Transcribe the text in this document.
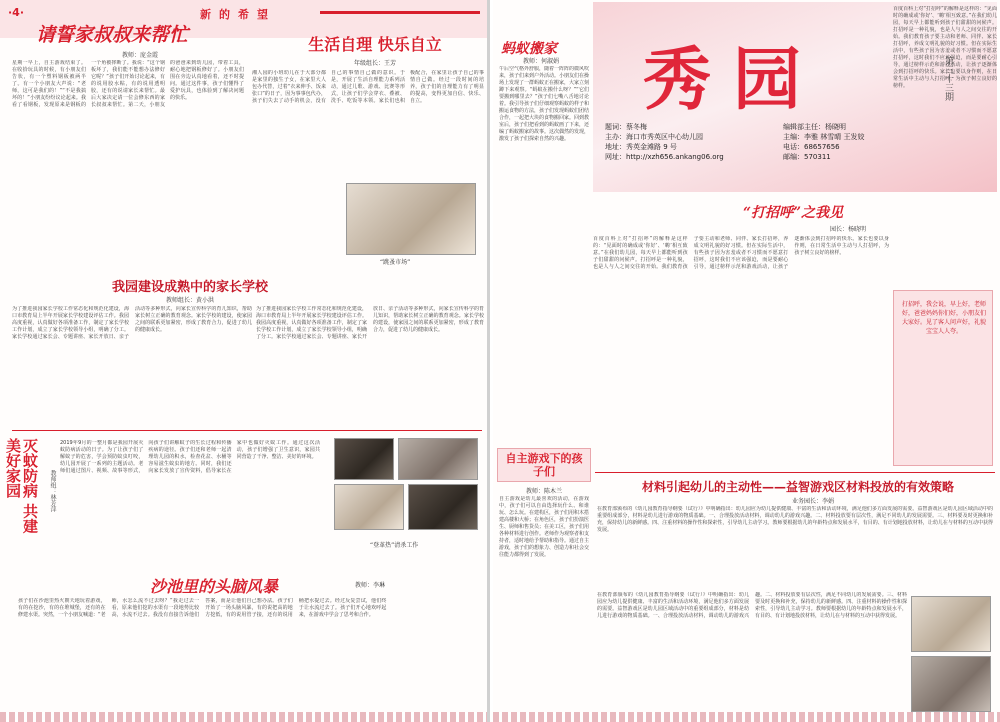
·4·	新的希望
请誓家叔叔来帮忙
教师：庞金霞
星期一早上，自主游戏结束了。在收拾玩具的时候，有小朋友们告状，有一个塑料钢板被两半了。有一个小朋友大声说：“老师，这可是我们的！”“不是我搞坏的！”小朋友纷纷议论起来。我看了看钢板，发现原来是钢板的一个角被摔断了。我说：“这个钢板坏了，我们能不能想办法修好它呢？”孩子们开始讨论起来，有的说用胶水粘，有的说用透明胶，还有的说请家长来帮忙。最后大家决定请一位会修东西的家长叔叔来帮忙。第二天，小朋友的爸爸来到幼儿园，带着工具，耐心地把钢板修好了。小朋友们围在旁边认真地看着，还不时提问。通过这件事，孩子们懂得了爱护玩具，也体验到了解决问题的快乐。
生活自理 快乐自立
年级组长：王芳
湘人园的小班幼儿在于大部分都是家里的独生子女，在家里大人包办代替，过着“衣来伸手、饭来张口”的日子，因为事事包代办，孩子们失去了动手的机会，没有自己的事情自己做的意识。于是，开展了生活自理能力系列活动，通过儿歌、游戏、比赛等形式，让孩子们学会穿衣、叠被、洗手、吃饭等本领。家长们也积极配合，在家里让孩子自己的事情自己做。经过一段时间的培养，孩子们的自理能力有了明显的提高，变得更加自信、快乐、自立。
“跳蚤市场”
我园建设成熟中的家长学校
教师组长：黄小洪
为了推进我园家长学校工作常态化和规范化建设，海口市教育局上半年开展家长学校建设评估工作。我园高度重视，认真做好各项准备工作，制定了家长学校工作计划，成立了家长学校领导小组，明确了分工。家长学校通过家长会、专题讲座、家长开放日、亲子活动等多种形式，向家长宣传科学的育儿知识，帮助家长树立正确的教育观念。家长学校的建设，使家园之间的联系更加紧密，形成了教育合力，促进了幼儿的健康成长。
为了推进我园家长学校工作常态化和规范化建设，海口市教育局上半年开展家长学校建设评估工作。我园高度重视，认真做好各项准备工作，制定了家长学校工作计划，成立了家长学校领导小组，明确了分工。家长学校通过家长会、专题讲座、家长开放日、亲子活动等多种形式，向家长宣传科学的育儿知识，帮助家长树立正确的教育观念。家长学校的建设，使家园之间的联系更加紧密，形成了教育合力，促进了幼儿的健康成长。
灭蚊防病 共建美好家园	教师组：林芳萍
2019年9月的一整月都是我园开展灭蚊防病活动的日子。为了让孩子们了解蚊子的危害，学会预防蚊虫叮咬，幼儿园开展了一系列的主题活动。老师们通过图片、视频、故事等形式，向孩子们讲解蚊子的生长过程和传播疾病的途径。孩子们还和老师一起清理幼儿园的积水，检查花盆、水桶等容易滋生蚊虫的地方。同时，我们还向家长发放了宣传资料，倡导家长在家中也做好灭蚊工作。通过这次活动，孩子们增强了卫生意识，家园共同营造了干净、整洁、美好的环境。
“登革热”清杀工作
沙池里的头脑风暴	教师：李琳
孩子们在沙池里热火朝天地玩着游戏，有的在挖沙，有的在堆城堡，还有的在修建水渠。突然，一个小朋友喊道：“老师，水怎么流不过去呀？”我走过去一看，原来他们挖的水渠有一段地势比较高，水流不过去。我没有直接告诉他们答案，而是让他们自己想办法。孩子们开始了一场头脑风暴，有的说把高的地方挖低，有的说用管子接，还有的说用桶把水提过去。经过反复尝试，他们终于让水流过去了。孩子们开心地欢呼起来，在游戏中学会了思考和合作。
蚂蚁搬家
教师：何淑娟
午后空气格外舒服，随着一阵阵的微风吹来，孩子们来到户外活动。小朋友们在操场上发现了一群蚂蚁正在搬家，大家立刻蹲下来观察。“蚂蚁在搬什么呀？”“它们要搬到哪里去？”孩子们七嘴八舌地讨论着。我引导孩子们仔细观察蚂蚁的样子和搬运食物的方法，孩子们发现蚂蚁们团结合作，一起把大块的食物搬回家。回到教室后，孩子们把看到的蚂蚁画了下来，还编了蚂蚁搬家的故事。这次偶然的发现，激发了孩子们探索自然的兴趣。
秀园	第三十三期
题词：蔡冬梅
主办：海口市秀英区中心幼儿园
地址：秀英金滩路 9 号
网址：http://xzh656.ankang06.org
编辑部主任：杨晓明
主编：李雅 林雪晴 王发姣
电话：68657656
邮编：570311
打招呼，我会说，早上好，老师好，爸爸妈妈你们好，小朋友们大家好。见了客人问声好，礼貌宝宝人人夸。
“打招呼”之我见
园长：杨晓明
百度百科上对“打招呼”的解释是这样的：“见面时的确成或‘你好’、‘嗨’相互致意。”在我们幼儿园，每天早上都能听到孩子们甜甜的问候声。打招呼是一种礼貌，也是人与人之间交往的开始。我们教育孩子要主动和老师、同伴、家长打招呼，养成文明礼貌的好习惯。但在实际生活中，有些孩子因为害羞或者不习惯而不愿意打招呼，这时我们不应该强迫，而是要耐心引导，通过榜样示范和游戏活动，让孩子逐渐体会到打招呼的快乐。家长也要以身作则，在日常生活中主动与人打招呼，为孩子树立良好的榜样。
百度百科上对“打招呼”的解释是这样的：“见面时的确成或‘你好’、‘嗨’相互致意。”在我们幼儿园，每天早上都能听到孩子们甜甜的问候声。打招呼是一种礼貌，也是人与人之间交往的开始。我们教育孩子要主动和老师、同伴、家长打招呼，养成文明礼貌的好习惯。但在实际生活中，有些孩子因为害羞或者不习惯而不愿意打招呼，这时我们不应该强迫，而是要耐心引导，通过榜样示范和游戏活动，让孩子逐渐体会到打招呼的快乐。家长也要以身作则，在日常生活中主动与人打招呼，为孩子树立良好的榜样。
自主游戏下的孩子们
教师：陈木兰
自主游戏是幼儿最喜欢的活动，在游戏中，孩子们可以自由选择玩什么、和谁玩、怎么玩。在建构区，孩子们用积木搭建高楼和大桥；在角色区，孩子们扮演医生、厨师和售货员；在美工区，孩子们用各种材料进行创作。老师作为观察者和支持者，适时地给予帮助和指导。通过自主游戏，孩子们的想象力、创造力和社会交往能力都得到了发展。
材料引起幼儿的主动性——益智游戏区材料投放的有效策略
业务园长：李娟
在教育部颁布的《幼儿园教育指导纲要（试行）》中明确指出：幼儿园应为幼儿提供健康、丰富的生活和活动环境，满足他们多方面发展的需要。益智游戏区是幼儿园区域活动中的重要组成部分，材料是幼儿进行游戏的物质基础。一、合理投放活动材料，调动幼儿的游戏兴趣。二、材料投放要有层次性，满足不同幼儿的发展需要。三、材料要及时更换和补充，保持幼儿的新鲜感。四、注重材料的操作性和探索性，引导幼儿主动学习。教师要根据幼儿的年龄特点和发展水平，有目的、有计划地投放材料，让幼儿在与材料的互动中获得发展。
在教育部颁布的《幼儿园教育指导纲要（试行）》中明确指出：幼儿园应为幼儿提供健康、丰富的生活和活动环境，满足他们多方面发展的需要。益智游戏区是幼儿园区域活动中的重要组成部分，材料是幼儿进行游戏的物质基础。一、合理投放活动材料，调动幼儿的游戏兴趣。二、材料投放要有层次性，满足不同幼儿的发展需要。三、材料要及时更换和补充，保持幼儿的新鲜感。四、注重材料的操作性和探索性，引导幼儿主动学习。教师要根据幼儿的年龄特点和发展水平，有目的、有计划地投放材料，让幼儿在与材料的互动中获得发展。
